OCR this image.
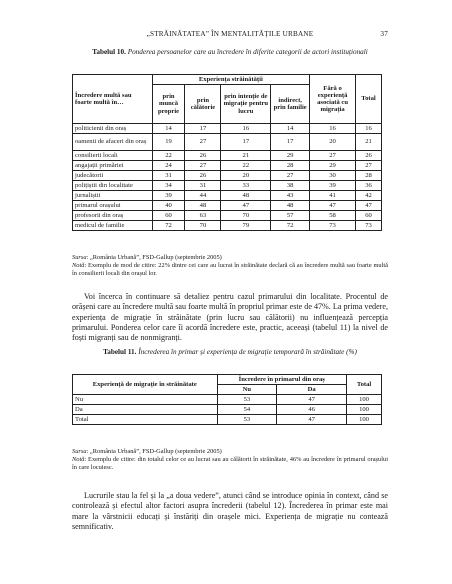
„STRĂINĂTATEA” ÎN MENTALITĂȚILE URBANE	37
Tabelul 10. Ponderea persoanelor care au încredere în diferite categorii de actori instituționali
Încredere multă sau foarte multă în…	Experiența străinătății				Fără o experiență asociată cu migrația	Total
	prin muncă proprie	prin călătorie	prin intenție de migrație pentru lucru	indirect, prin familie		
politicienii din oraș	14	17	16	14	16	16
oamenii de afaceri din oraș	19	27	17	17	20	21
consilierii locali	22	26	21	29	27	26
angajații primăriei	24	27	22	28	29	27
judecătorii	31	26	20	27	30	28
polițiștii din localitate	34	31	33	38	39	36
jurnaliștii	39	44	48	43	41	42
primarul orașului	40	48	47	48	47	47
profesorii din oraș	60	63	70	57	58	60
medicul de familie	72	70	79	72	73	73
Sursa: „România Urbană”, FSD-Gallup (septembrie 2005)
Notă: Exemplu de mod de citire: 22% dintre cei care au lucrat în străinătate declară că au încredere multă sau foarte multă în consilierii locali din orașul lor.

Voi încerca în continuare să detaliez pentru cazul primarului din localitate. Procentul de orășeni care au încredere multă sau foarte multă în propriul primar este de 47%. La prima vedere, experiența de migrație în străinătate (prin lucru sau călătorii) nu influențează percepția primarului. Ponderea celor care îi acordă încredere este, practic, aceeași (tabelul 11) la nivel de foști migranți sau de nonmigranți.

Tabelul 11. Încrederea în primar și experiența de migrație temporară în străinătate (%)
Experiență de migrație în străinătate	Încredere în primarul din oraș		Total
	Nu	Da	
Nu	53	47	100
Da	54	46	100
Total	53	47	100
Sursa: „România Urbană”, FSD-Gallup (septembrie 2005)
Notă: Exemplu de citire: din totalul celor ce au lucrat sau au călătorit în străinătate, 46% au încredere în primarul orașului în care locuiesc.

Lucrurile stau la fel și la „a doua vedere”, atunci când se introduce opinia în context, când se controlează și efectul altor factori asupra încrederii (tabelul 12). Încrederea în primar este mai mare la vârstnicii educați și înstăriți din orașele mici. Experiența de migrație nu contează semnificativ.
